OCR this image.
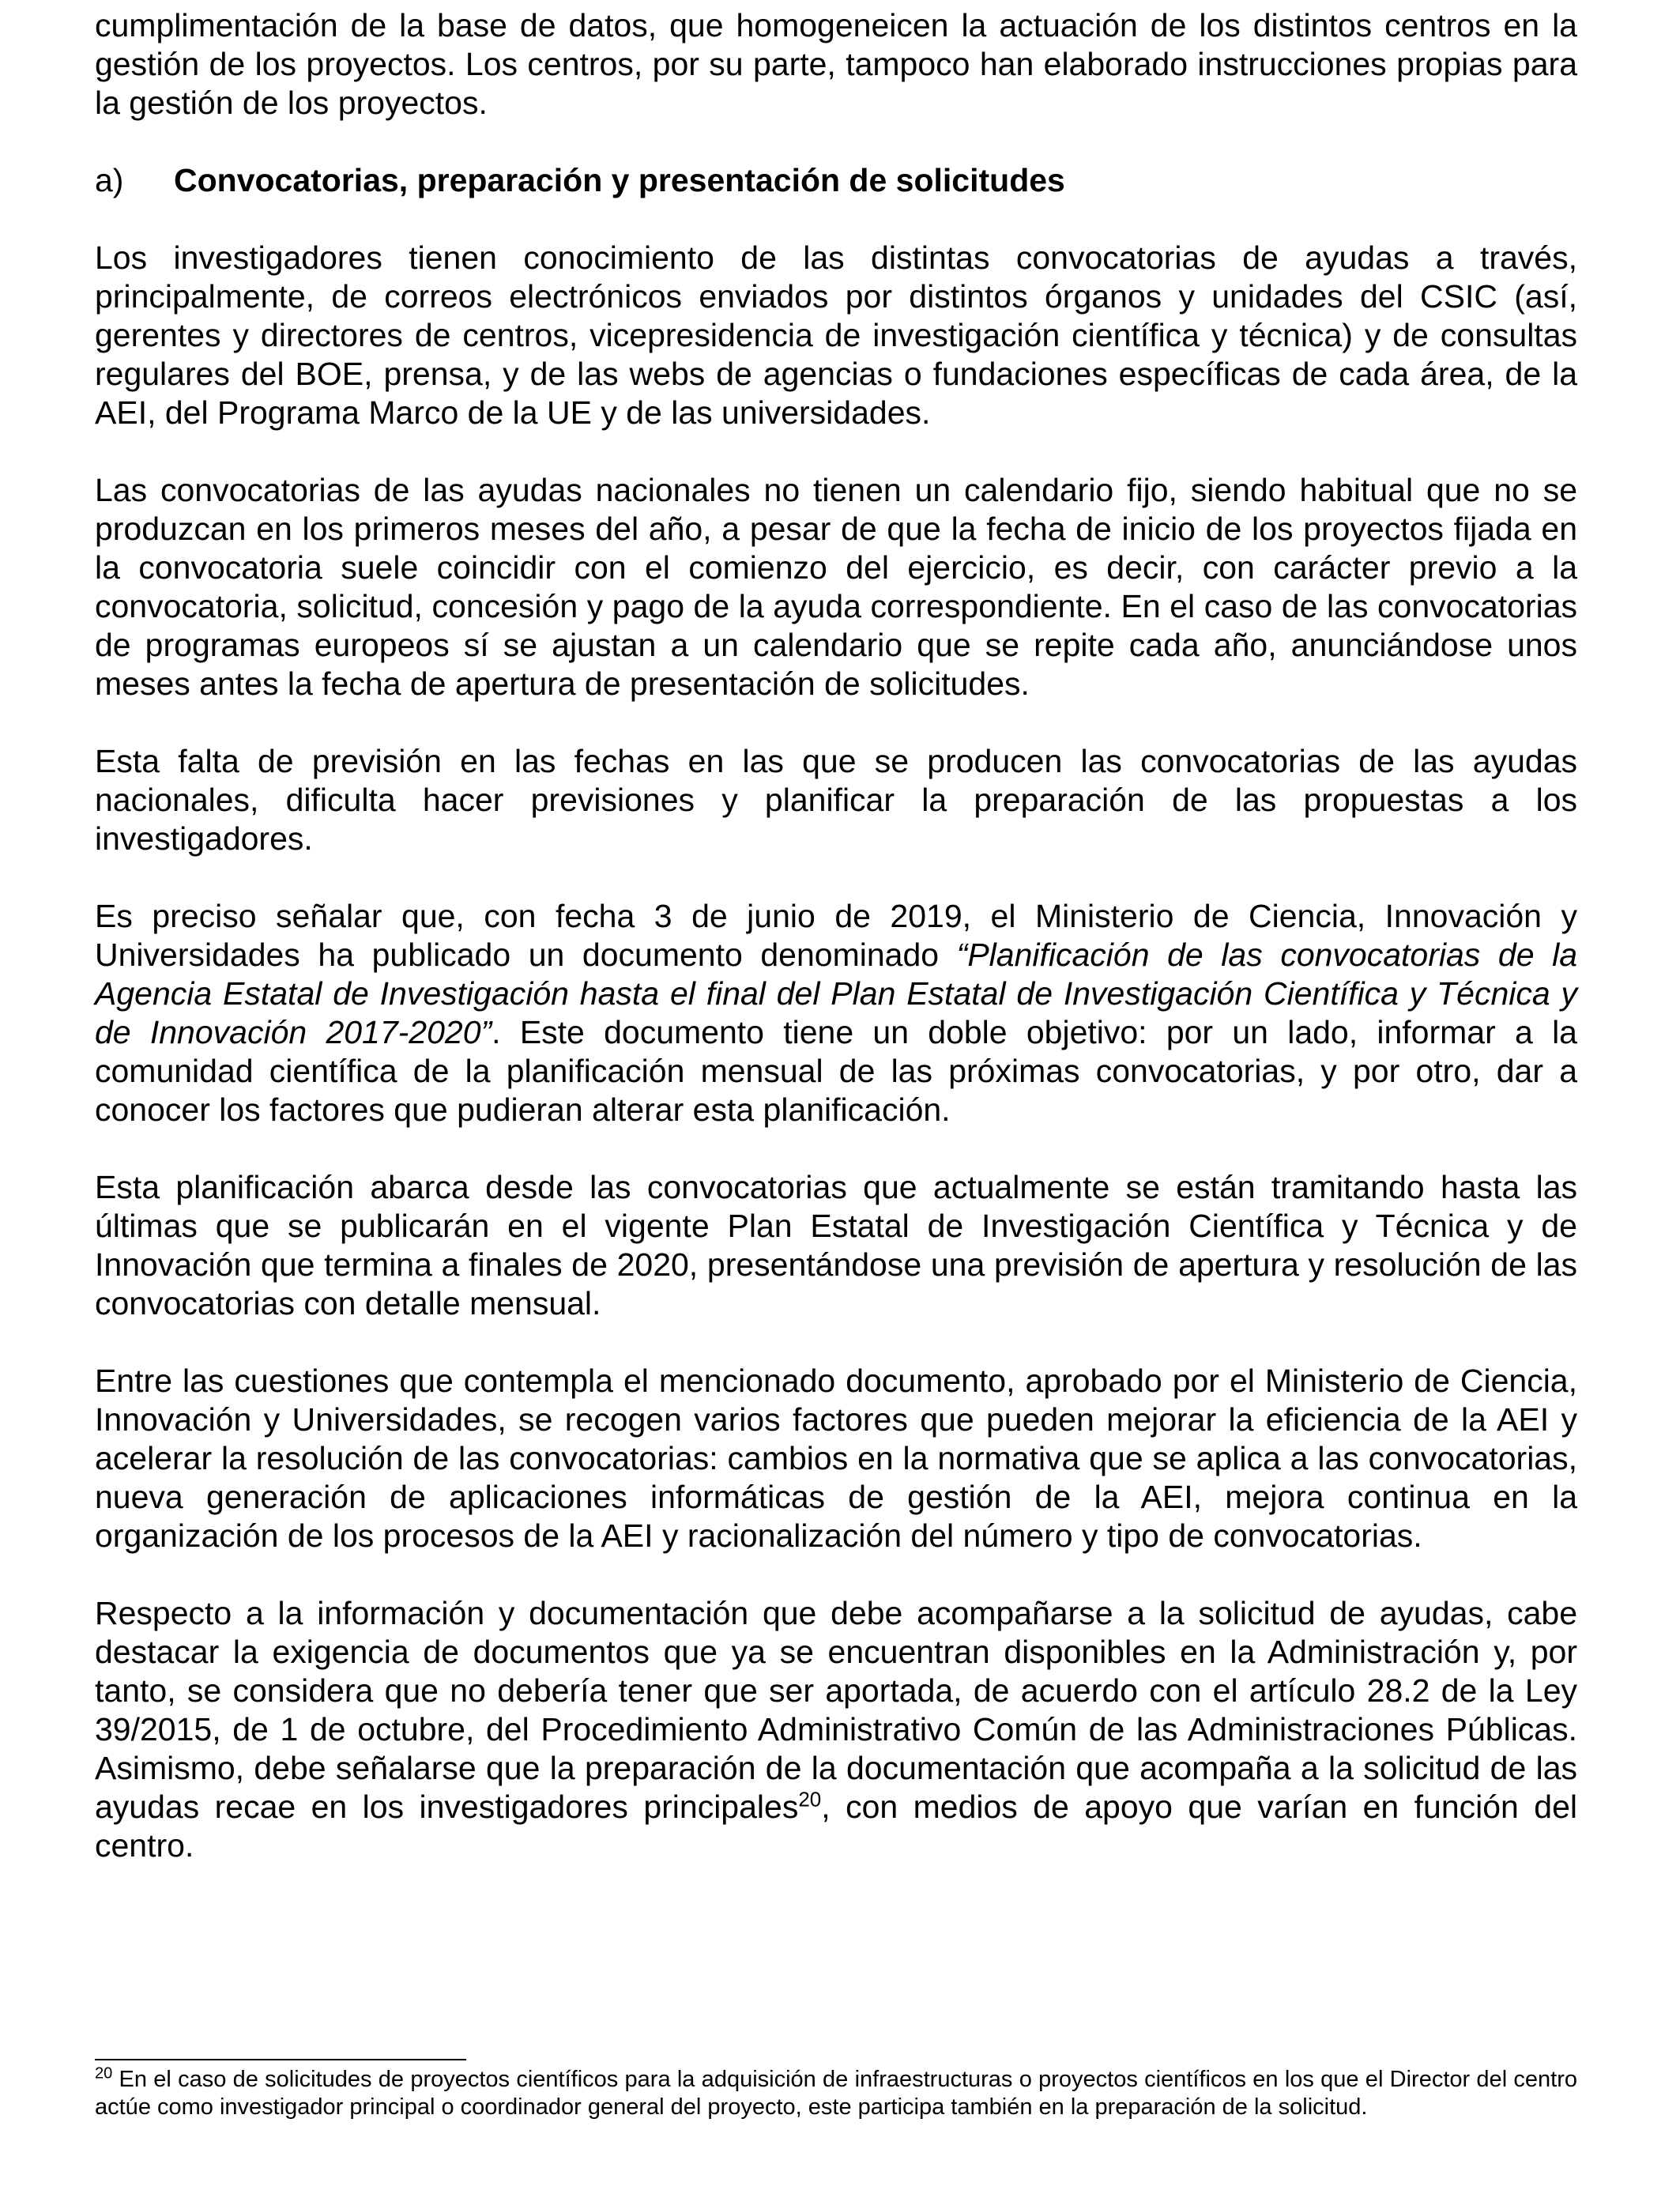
cumplimentación de la base de datos, que homogeneicen la actuación de los distintos centros en la gestión de los proyectos. Los centros, por su parte, tampoco han elaborado instrucciones propias para la gestión de los proyectos.

a)	Convocatorias, preparación y presentación de solicitudes

Los investigadores tienen conocimiento de las distintas convocatorias de ayudas a través, principalmente, de correos electrónicos enviados por distintos órganos y unidades del CSIC (así, gerentes y directores de centros, vicepresidencia de investigación científica y técnica) y de consultas regulares del BOE, prensa, y de las webs de agencias o fundaciones específicas de cada área, de la AEI, del Programa Marco de la UE y de las universidades.

Las convocatorias de las ayudas nacionales no tienen un calendario fijo, siendo habitual que no se produzcan en los primeros meses del año, a pesar de que la fecha de inicio de los proyectos fijada en la convocatoria suele coincidir con el comienzo del ejercicio, es decir, con carácter previo a la convocatoria, solicitud, concesión y pago de la ayuda correspondiente. En el caso de las convocatorias de programas europeos sí se ajustan a un calendario que se repite cada año, anunciándose unos meses antes la fecha de apertura de presentación de solicitudes.

Esta falta de previsión en las fechas en las que se producen las convocatorias de las ayudas nacionales, dificulta hacer previsiones y planificar la preparación de las propuestas a los investigadores.

Es preciso señalar que, con fecha 3 de junio de 2019, el Ministerio de Ciencia, Innovación y Universidades ha publicado un documento denominado “Planificación de las convocatorias de la Agencia Estatal de Investigación hasta el final del Plan Estatal de Investigación Científica y Técnica y de Innovación 2017-2020”. Este documento tiene un doble objetivo: por un lado, informar a la comunidad científica de la planificación mensual de las próximas convocatorias, y por otro, dar a conocer los factores que pudieran alterar esta planificación.

Esta planificación abarca desde las convocatorias que actualmente se están tramitando hasta las últimas que se publicarán en el vigente Plan Estatal de Investigación Científica y Técnica y de Innovación que termina a finales de 2020, presentándose una previsión de apertura y resolución de las convocatorias con detalle mensual.

Entre las cuestiones que contempla el mencionado documento, aprobado por el Ministerio de Ciencia, Innovación y Universidades, se recogen varios factores que pueden mejorar la eficiencia de la AEI y acelerar la resolución de las convocatorias: cambios en la normativa que se aplica a las convocatorias, nueva generación de aplicaciones informáticas de gestión de la AEI, mejora continua en la organización de los procesos de la AEI y racionalización del número y tipo de convocatorias.

Respecto a la información y documentación que debe acompañarse a la solicitud de ayudas, cabe destacar la exigencia de documentos que ya se encuentran disponibles en la Administración y, por tanto, se considera que no debería tener que ser aportada, de acuerdo con el artículo 28.2 de la Ley 39/2015, de 1 de octubre, del Procedimiento Administrativo Común de las Administraciones Públicas. Asimismo, debe señalarse que la preparación de la documentación que acompaña a la solicitud de las ayudas recae en los investigadores principales$^{20}$, con medios de apoyo que varían en función del centro.

$^{20}$ En el caso de solicitudes de proyectos científicos para la adquisición de infraestructuras o proyectos científicos en los que el Director del centro actúe como investigador principal o coordinador general del proyecto, este participa también en la preparación de la solicitud.
